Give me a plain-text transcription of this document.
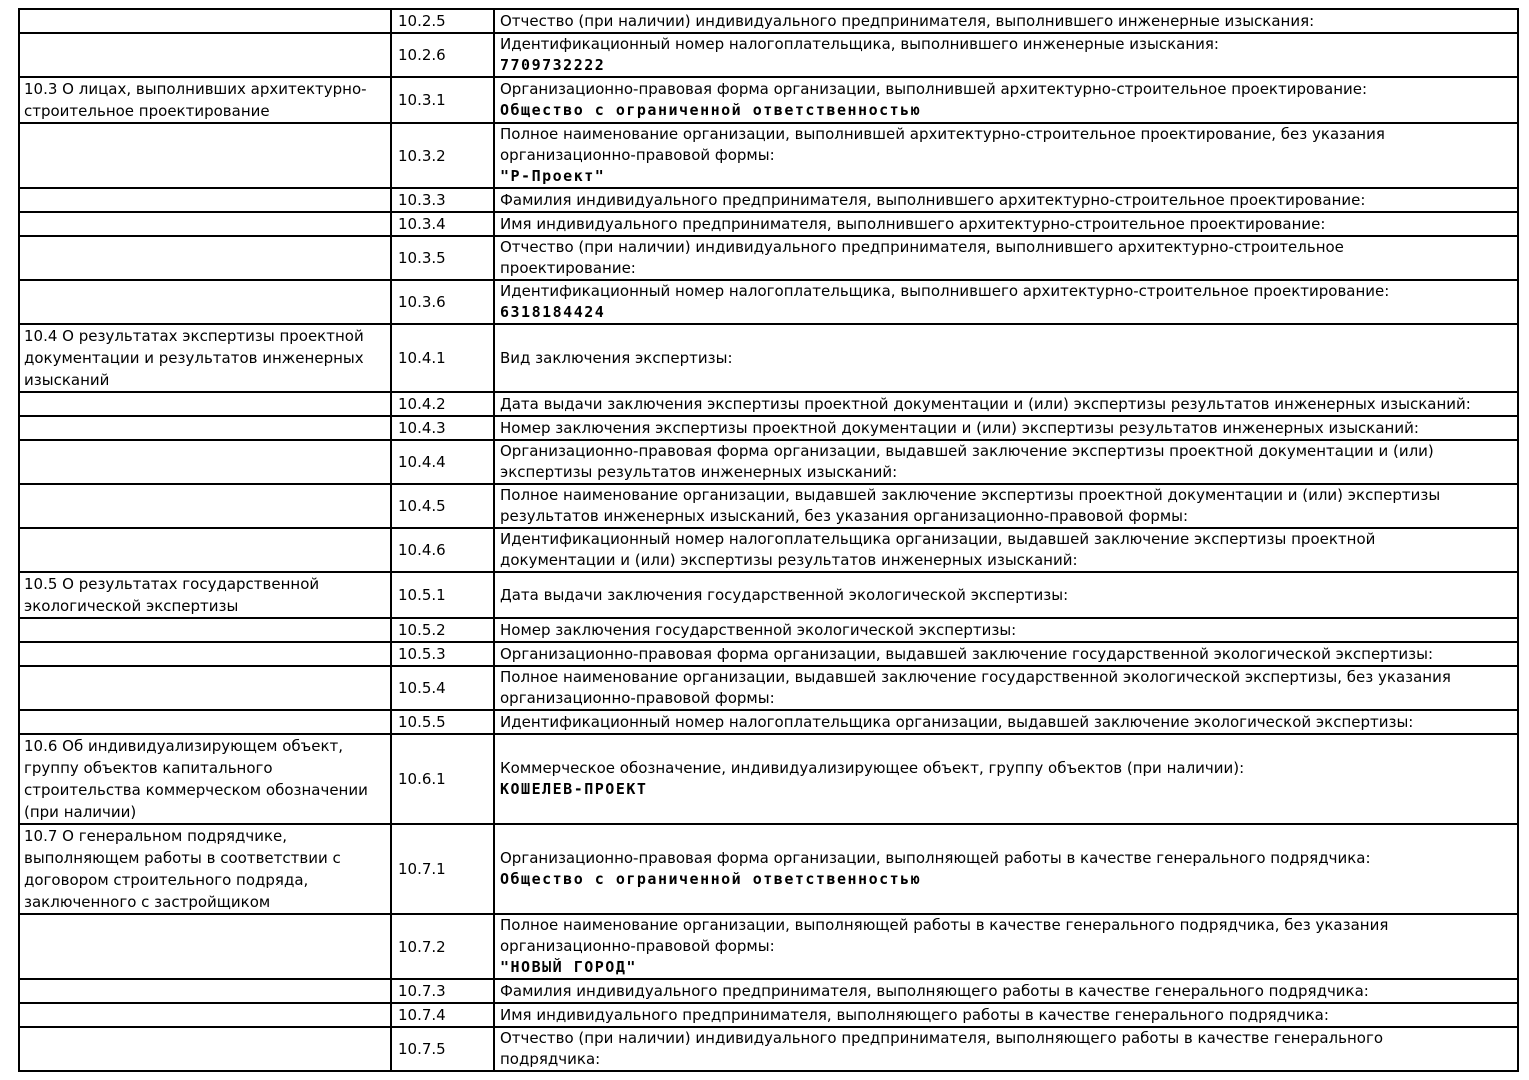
	10.2.5	Отчество (при наличии) индивидуального предпринимателя, выполнившего инженерные изыскания:

	10.2.6	Идентификационный номер налогоплательщика, выполнившего инженерные изыскания:
7709732222

10.3 О лицах, выполнивших архитектурно-строительное проектирование	10.3.1	Организационно-правовая форма организации, выполнившей архитектурно-строительное проектирование:
Общество с ограниченной ответственностью

	10.3.2	Полное наименование организации, выполнившей архитектурно-строительное проектирование, без указания организационно-правовой формы:
"Р-Проект"

	10.3.3	Фамилия индивидуального предпринимателя, выполнившего архитектурно-строительное проектирование:

	10.3.4	Имя индивидуального предпринимателя, выполнившего архитектурно-строительное проектирование:

	10.3.5	Отчество (при наличии) индивидуального предпринимателя, выполнившего архитектурно-строительное проектирование:

	10.3.6	Идентификационный номер налогоплательщика, выполнившего архитектурно-строительное проектирование:
6318184424

10.4 О результатах экспертизы проектной документации и результатов инженерных изысканий	10.4.1	Вид заключения экспертизы:

	10.4.2	Дата выдачи заключения экспертизы проектной документации и (или) экспертизы результатов инженерных изысканий:

	10.4.3	Номер заключения экспертизы проектной документации и (или) экспертизы результатов инженерных изысканий:

	10.4.4	Организационно-правовая форма организации, выдавшей заключение экспертизы проектной документации и (или) экспертизы результатов инженерных изысканий:

	10.4.5	Полное наименование организации, выдавшей заключение экспертизы проектной документации и (или) экспертизы результатов инженерных изысканий, без указания организационно-правовой формы:

	10.4.6	Идентификационный номер налогоплательщика организации, выдавшей заключение экспертизы проектной документации и (или) экспертизы результатов инженерных изысканий:

10.5 О результатах государственной экологической экспертизы	10.5.1	Дата выдачи заключения государственной экологической экспертизы:

	10.5.2	Номер заключения государственной экологической экспертизы:

	10.5.3	Организационно-правовая форма организации, выдавшей заключение государственной экологической экспертизы:

	10.5.4	Полное наименование организации, выдавшей заключение государственной экологической экспертизы, без указания организационно-правовой формы:

	10.5.5	Идентификационный номер налогоплательщика организации, выдавшей заключение экологической экспертизы:

10.6 Об индивидуализирующем объект, группу объектов капитального строительства коммерческом обозначении (при наличии)	10.6.1	Коммерческое обозначение, индивидуализирующее объект, группу объектов (при наличии):
КОШЕЛЕВ-ПРОЕКТ

10.7 О генеральном подрядчике, выполняющем работы в соответствии с договором строительного подряда, заключенного с застройщиком	10.7.1	Организационно-правовая форма организации, выполняющей работы в качестве генерального подрядчика:
Общество с ограниченной ответственностью

	10.7.2	Полное наименование организации, выполняющей работы в качестве генерального подрядчика, без указания организационно-правовой формы:
"НОВЫЙ ГОРОД"

	10.7.3	Фамилия индивидуального предпринимателя, выполняющего работы в качестве генерального подрядчика:

	10.7.4	Имя индивидуального предпринимателя, выполняющего работы в качестве генерального подрядчика:

	10.7.5	Отчество (при наличии) индивидуального предпринимателя, выполняющего работы в качестве генерального подрядчика:
